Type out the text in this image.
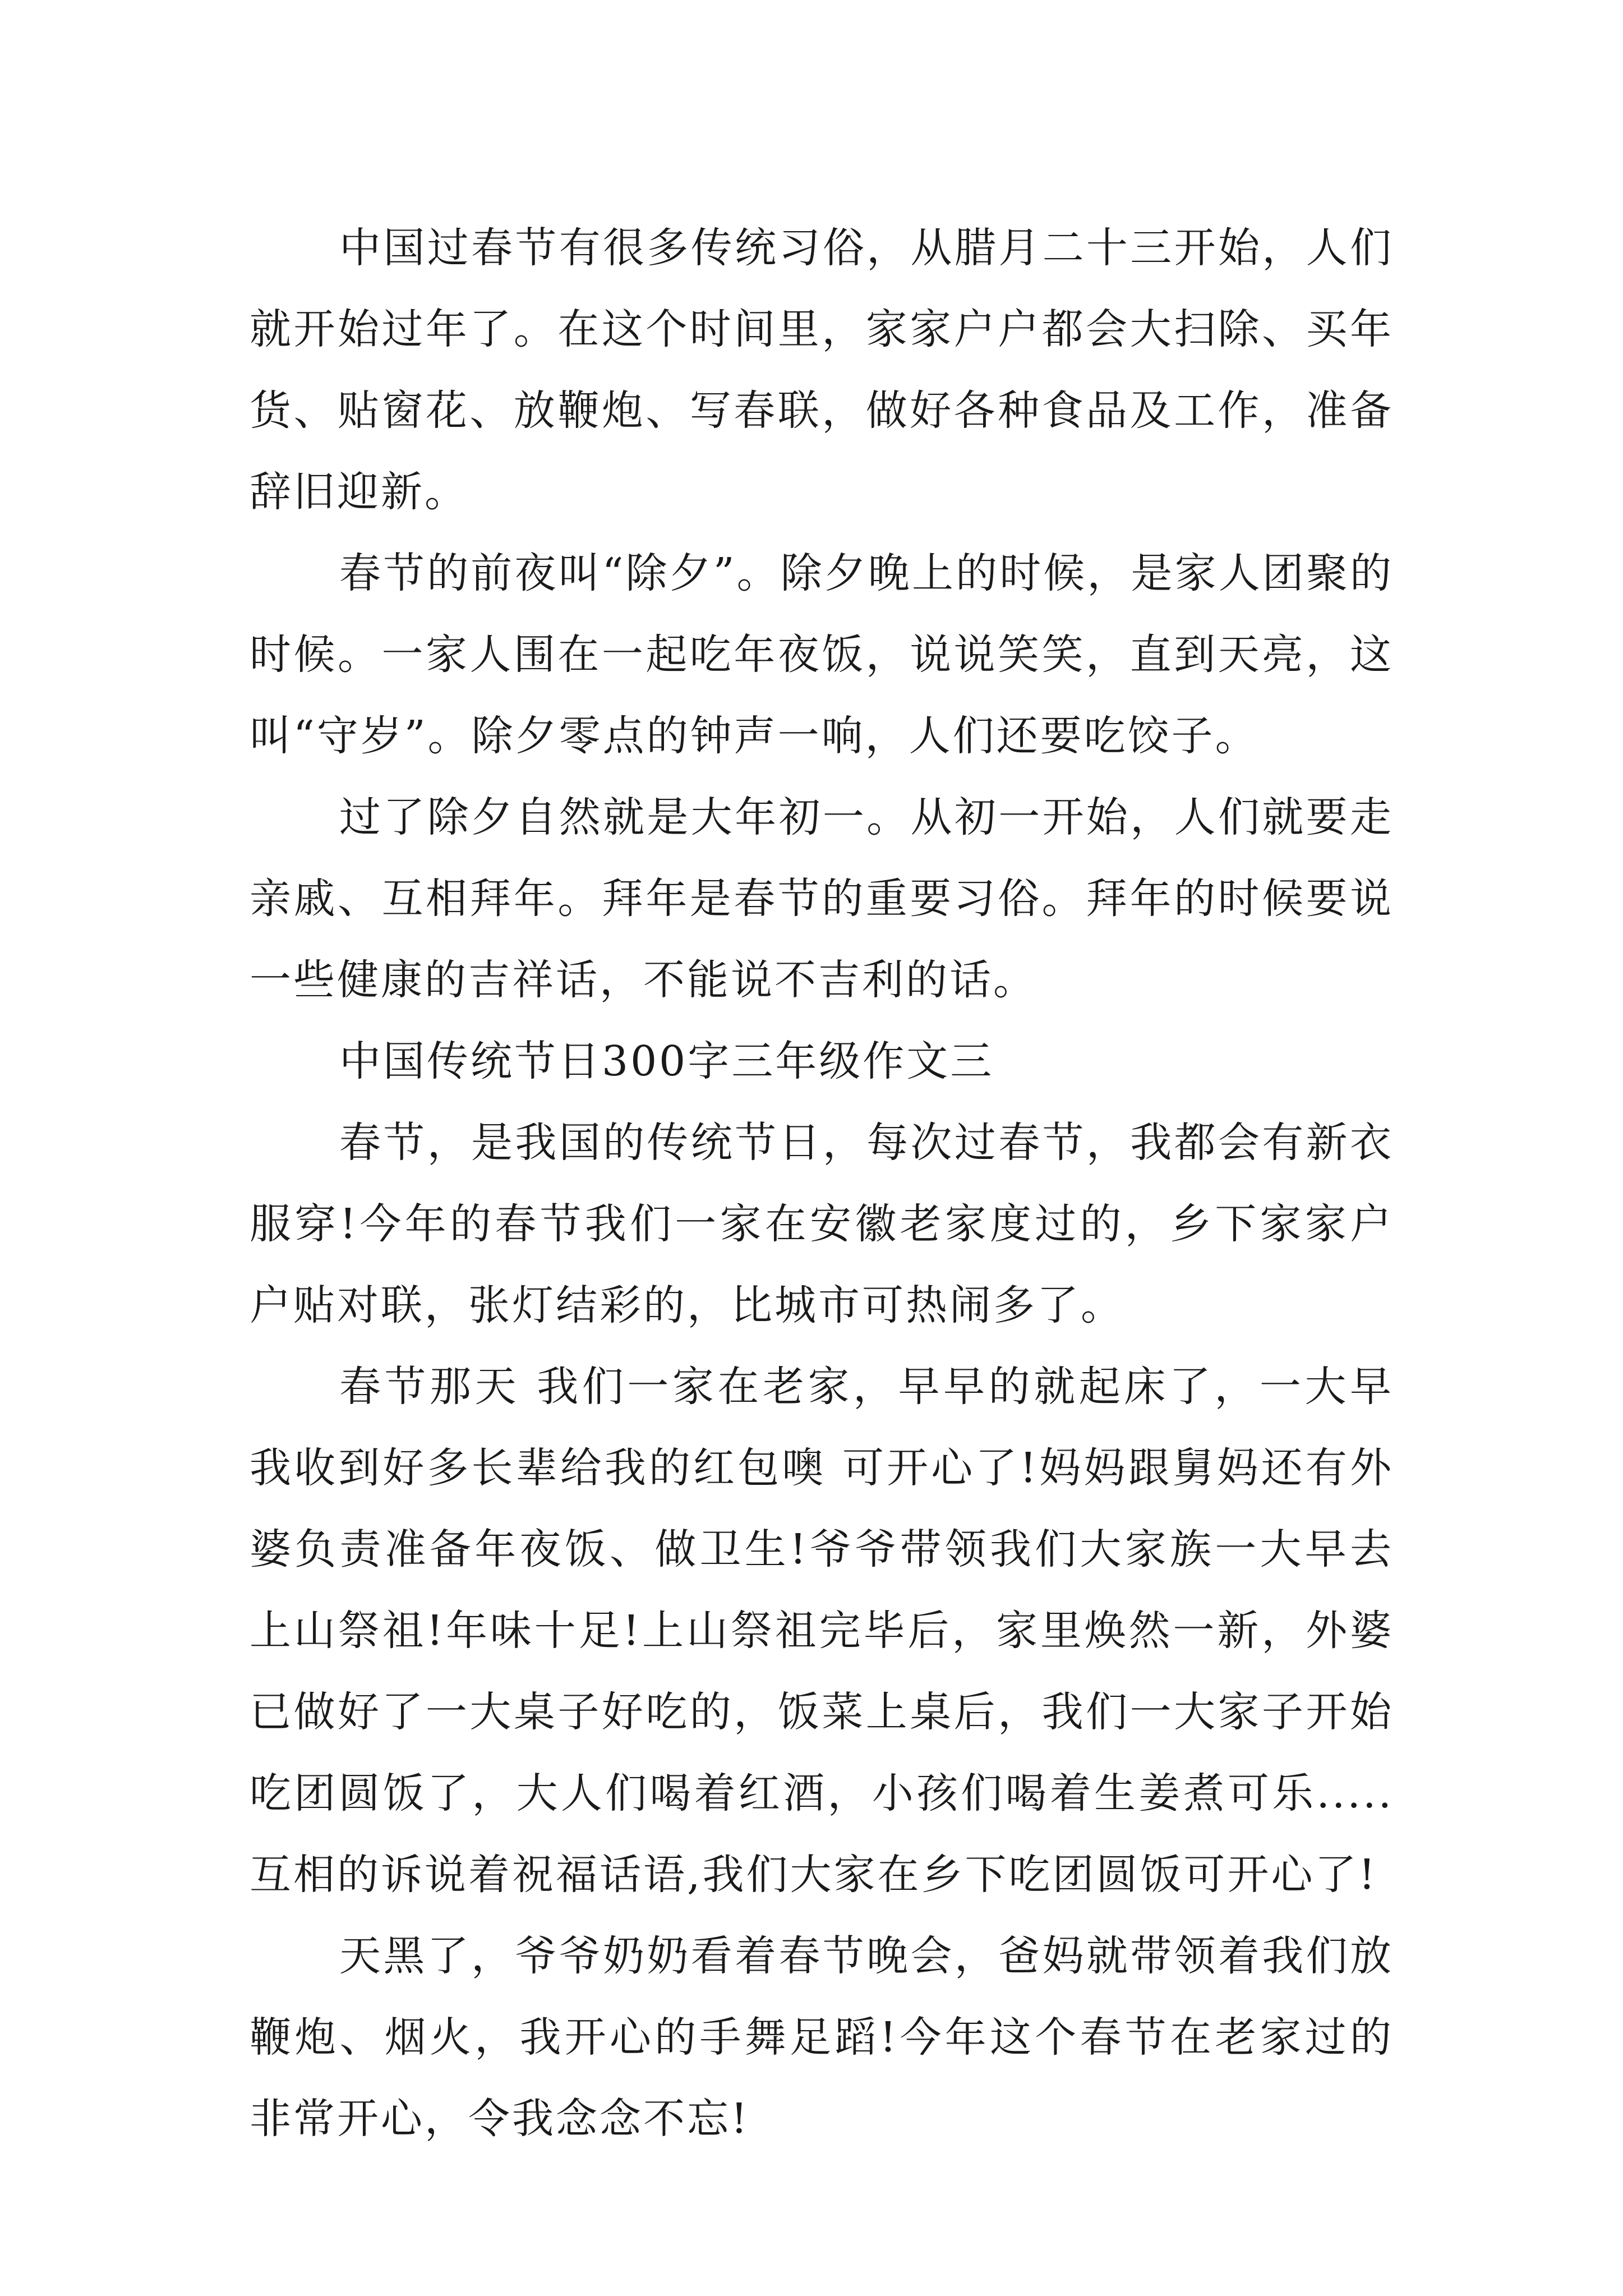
中国过春节有很多传统习俗，从腊月二十三开始，人们就开始过年了。在这个时间里，家家户户都会大扫除、买年货、贴窗花、放鞭炮、写春联，做好各种食品及工作，准备辞旧迎新。

春节的前夜叫“除夕”。除夕晚上的时候，是家人团聚的时候。一家人围在一起吃年夜饭，说说笑笑，直到天亮，这叫“守岁”。除夕零点的钟声一响，人们还要吃饺子。

过了除夕自然就是大年初一。从初一开始，人们就要走亲戚、互相拜年。拜年是春节的重要习俗。拜年的时候要说一些健康的吉祥话，不能说不吉利的话。

中国传统节日300字三年级作文三

春节，是我国的传统节日，每次过春节，我都会有新衣服穿!今年的春节我们一家在安徽老家度过的，乡下家家户户贴对联，张灯结彩的，比城市可热闹多了。

春节那天 我们一家在老家，早早的就起床了，一大早我收到好多长辈给我的红包噢 可开心了!妈妈跟舅妈还有外婆负责准备年夜饭、做卫生!爷爷带领我们大家族一大早去上山祭祖!年味十足!上山祭祖完毕后，家里焕然一新，外婆已做好了一大桌子好吃的，饭菜上桌后，我们一大家子开始吃团圆饭了，大人们喝着红酒，小孩们喝着生姜煮可乐.....互相的诉说着祝福话语,我们大家在乡下吃团圆饭可开心了!

天黑了，爷爷奶奶看着春节晚会，爸妈就带领着我们放鞭炮、烟火，我开心的手舞足蹈!今年这个春节在老家过的非常开心，令我念念不忘!
